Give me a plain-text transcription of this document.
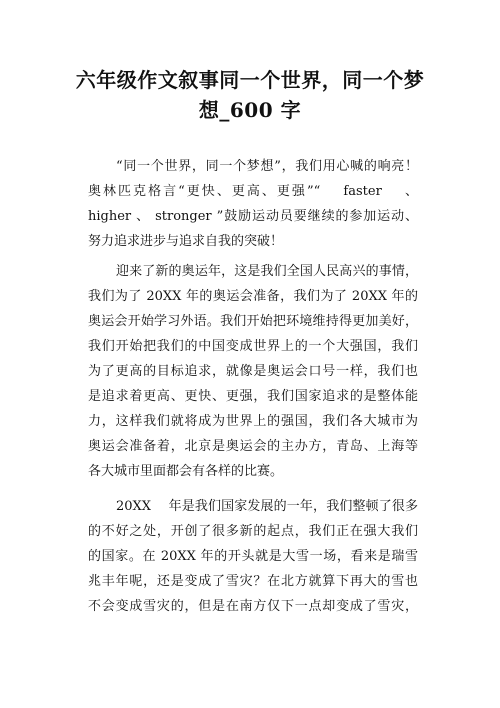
六年级作文叙事同一个世界，同一个梦
想_600 字
“同一个世界，同一个梦想”，我们用心喊的响亮！
奥林匹克格言“更快、更高、更强”“　 faster　 、
higher 、 stronger ”鼓励运动员要继续的参加运动、
努力追求进步与追求自我的突破！
迎来了新的奥运年，这是我们全国人民高兴的事情，
我们为了 20XX 年的奥运会准备，我们为了 20XX 年的
奥运会开始学习外语。我们开始把环境维持得更加美好，
我们开始把我们的中国变成世界上的一个大强国，我们
为了更高的目标追求，就像是奥运会口号一样，我们也
是追求着更高、更快、更强，我们国家追求的是整体能
力，这样我们就将成为世界上的强国，我们各大城市为
奥运会准备着，北京是奥运会的主办方，青岛、上海等
各大城市里面都会有各样的比赛。
20XX　 年是我们国家发展的一年，我们整顿了很多
的不好之处，开创了很多新的起点，我们正在强大我们
的国家。在 20XX 年的开头就是大雪一场，看来是瑞雪
兆丰年呢，还是变成了雪灾？在北方就算下再大的雪也
不会变成雪灾的，但是在南方仅下一点却变成了雪灾，
